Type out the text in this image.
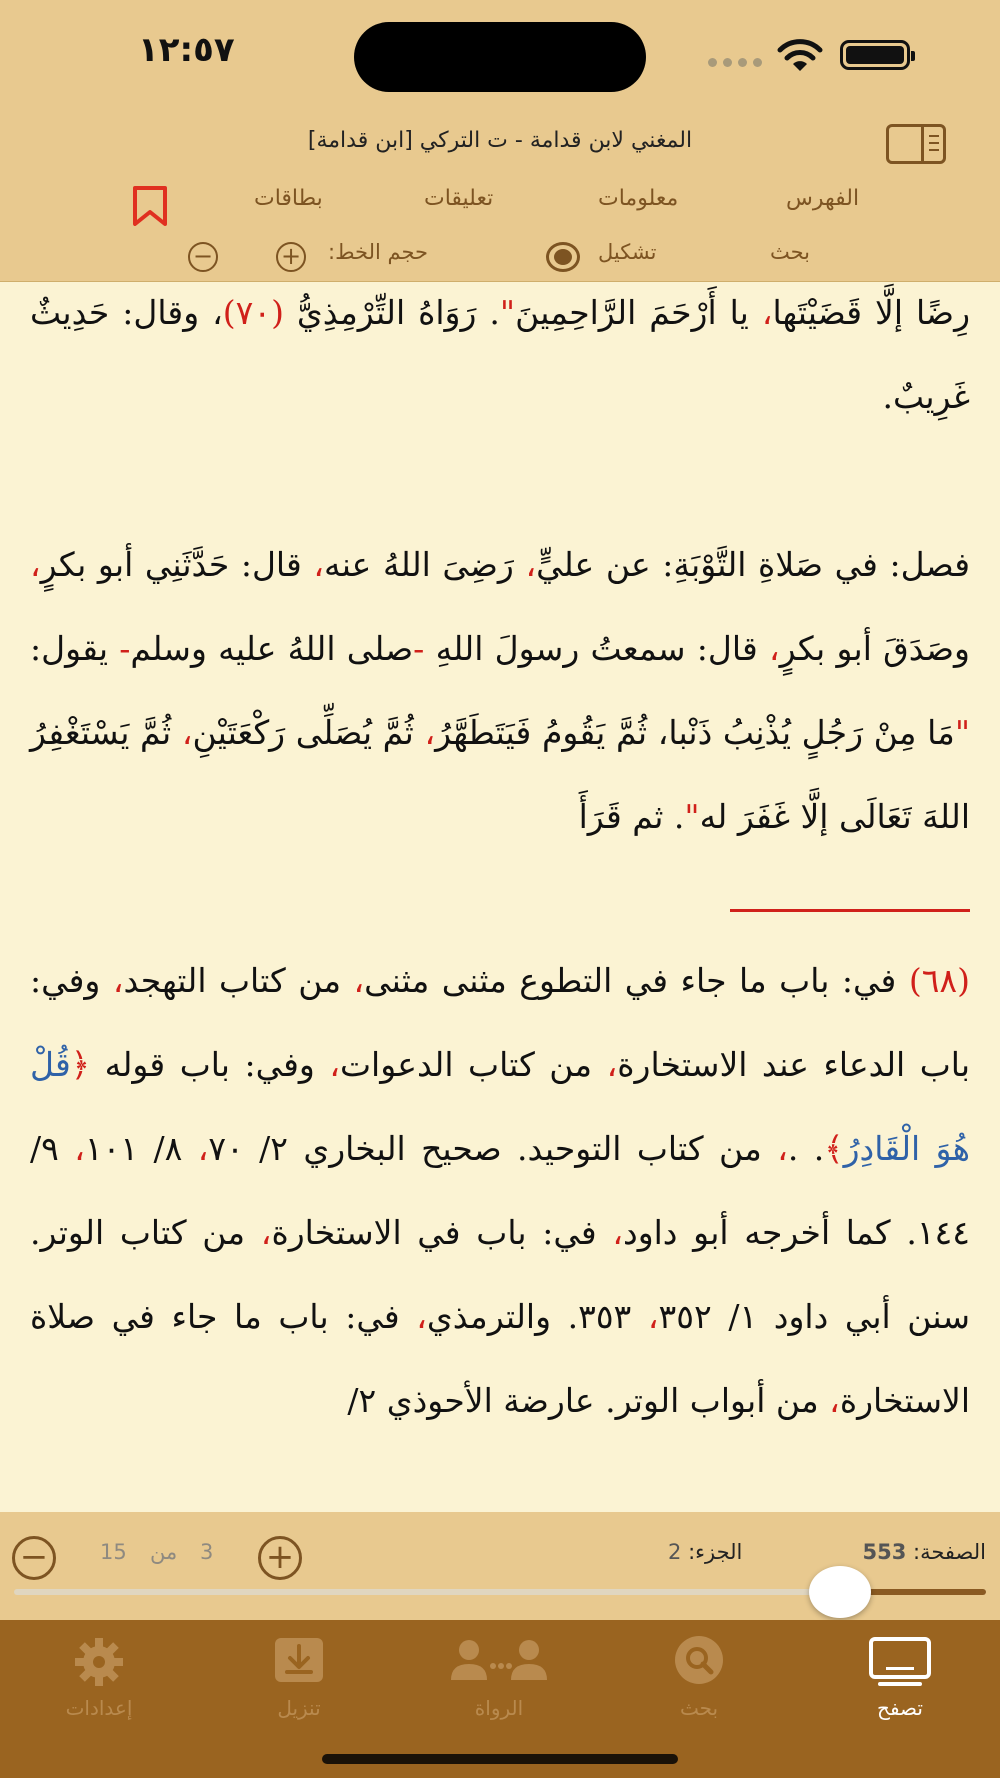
١٢:٥٧
المغني لابن قدامة - ت التركي [ابن قدامة]
الفهرس
معلومات
تعليقات
بطاقات
بحث
تشكيل
حجم الخط:
+
−

رِضًا إلَّا قَضَيْتَها، يا أَرْحَمَ الرَّاحِمِينَ". رَوَاهُ التِّرْمِذِيُّ (٧٠)، وقال: حَدِيثٌ غَرِيبٌ.

فصل: في صَلاةِ التَّوْبَةِ: عن عليٍّ، رَضِىَ اللهُ عنه، قال: حَدَّثَنِي أبو بكرٍ، وصَدَقَ أبو بكرٍ، قال: سمعتُ رسولَ اللهِ -صلى اللهُ عليه وسلم- يقول: "مَا مِنْ رَجُلٍ يُذْنِبُ ذَنْبا، ثُمَّ يَقُومُ فَيَتَطَهَّرُ، ثُمَّ يُصَلِّى رَكْعَتَيْنِ، ثُمَّ يَسْتَغْفِرُ اللهَ تَعَالَى إلَّا غَفَرَ له". ثم قَرَأَ

(٦٨) في: باب ما جاء في التطوع مثنى مثنى، من كتاب التهجد، وفي: باب الدعاء عند الاستخارة، من كتاب الدعوات، وفي: باب قوله ﴿قُلْ هُوَ الْقَادِرُ﴾. .، من كتاب التوحيد. صحيح البخاري ٢/ ٧٠، ٨/ ١٠١، ٩/ ١٤٤. كما أخرجه أبو داود، في: باب في الاستخارة، من كتاب الوتر. سنن أبي داود ١/ ٣٥٢، ٣٥٣. والترمذي، في: باب ما جاء في صلاة الاستخارة، من أبواب الوتر. عارضة الأحوذي ٢/

الصفحة: 553
الجزء: 2
+
3
من
15
−
تصفح
بحث
الرواة
تنزيل
إعدادات
